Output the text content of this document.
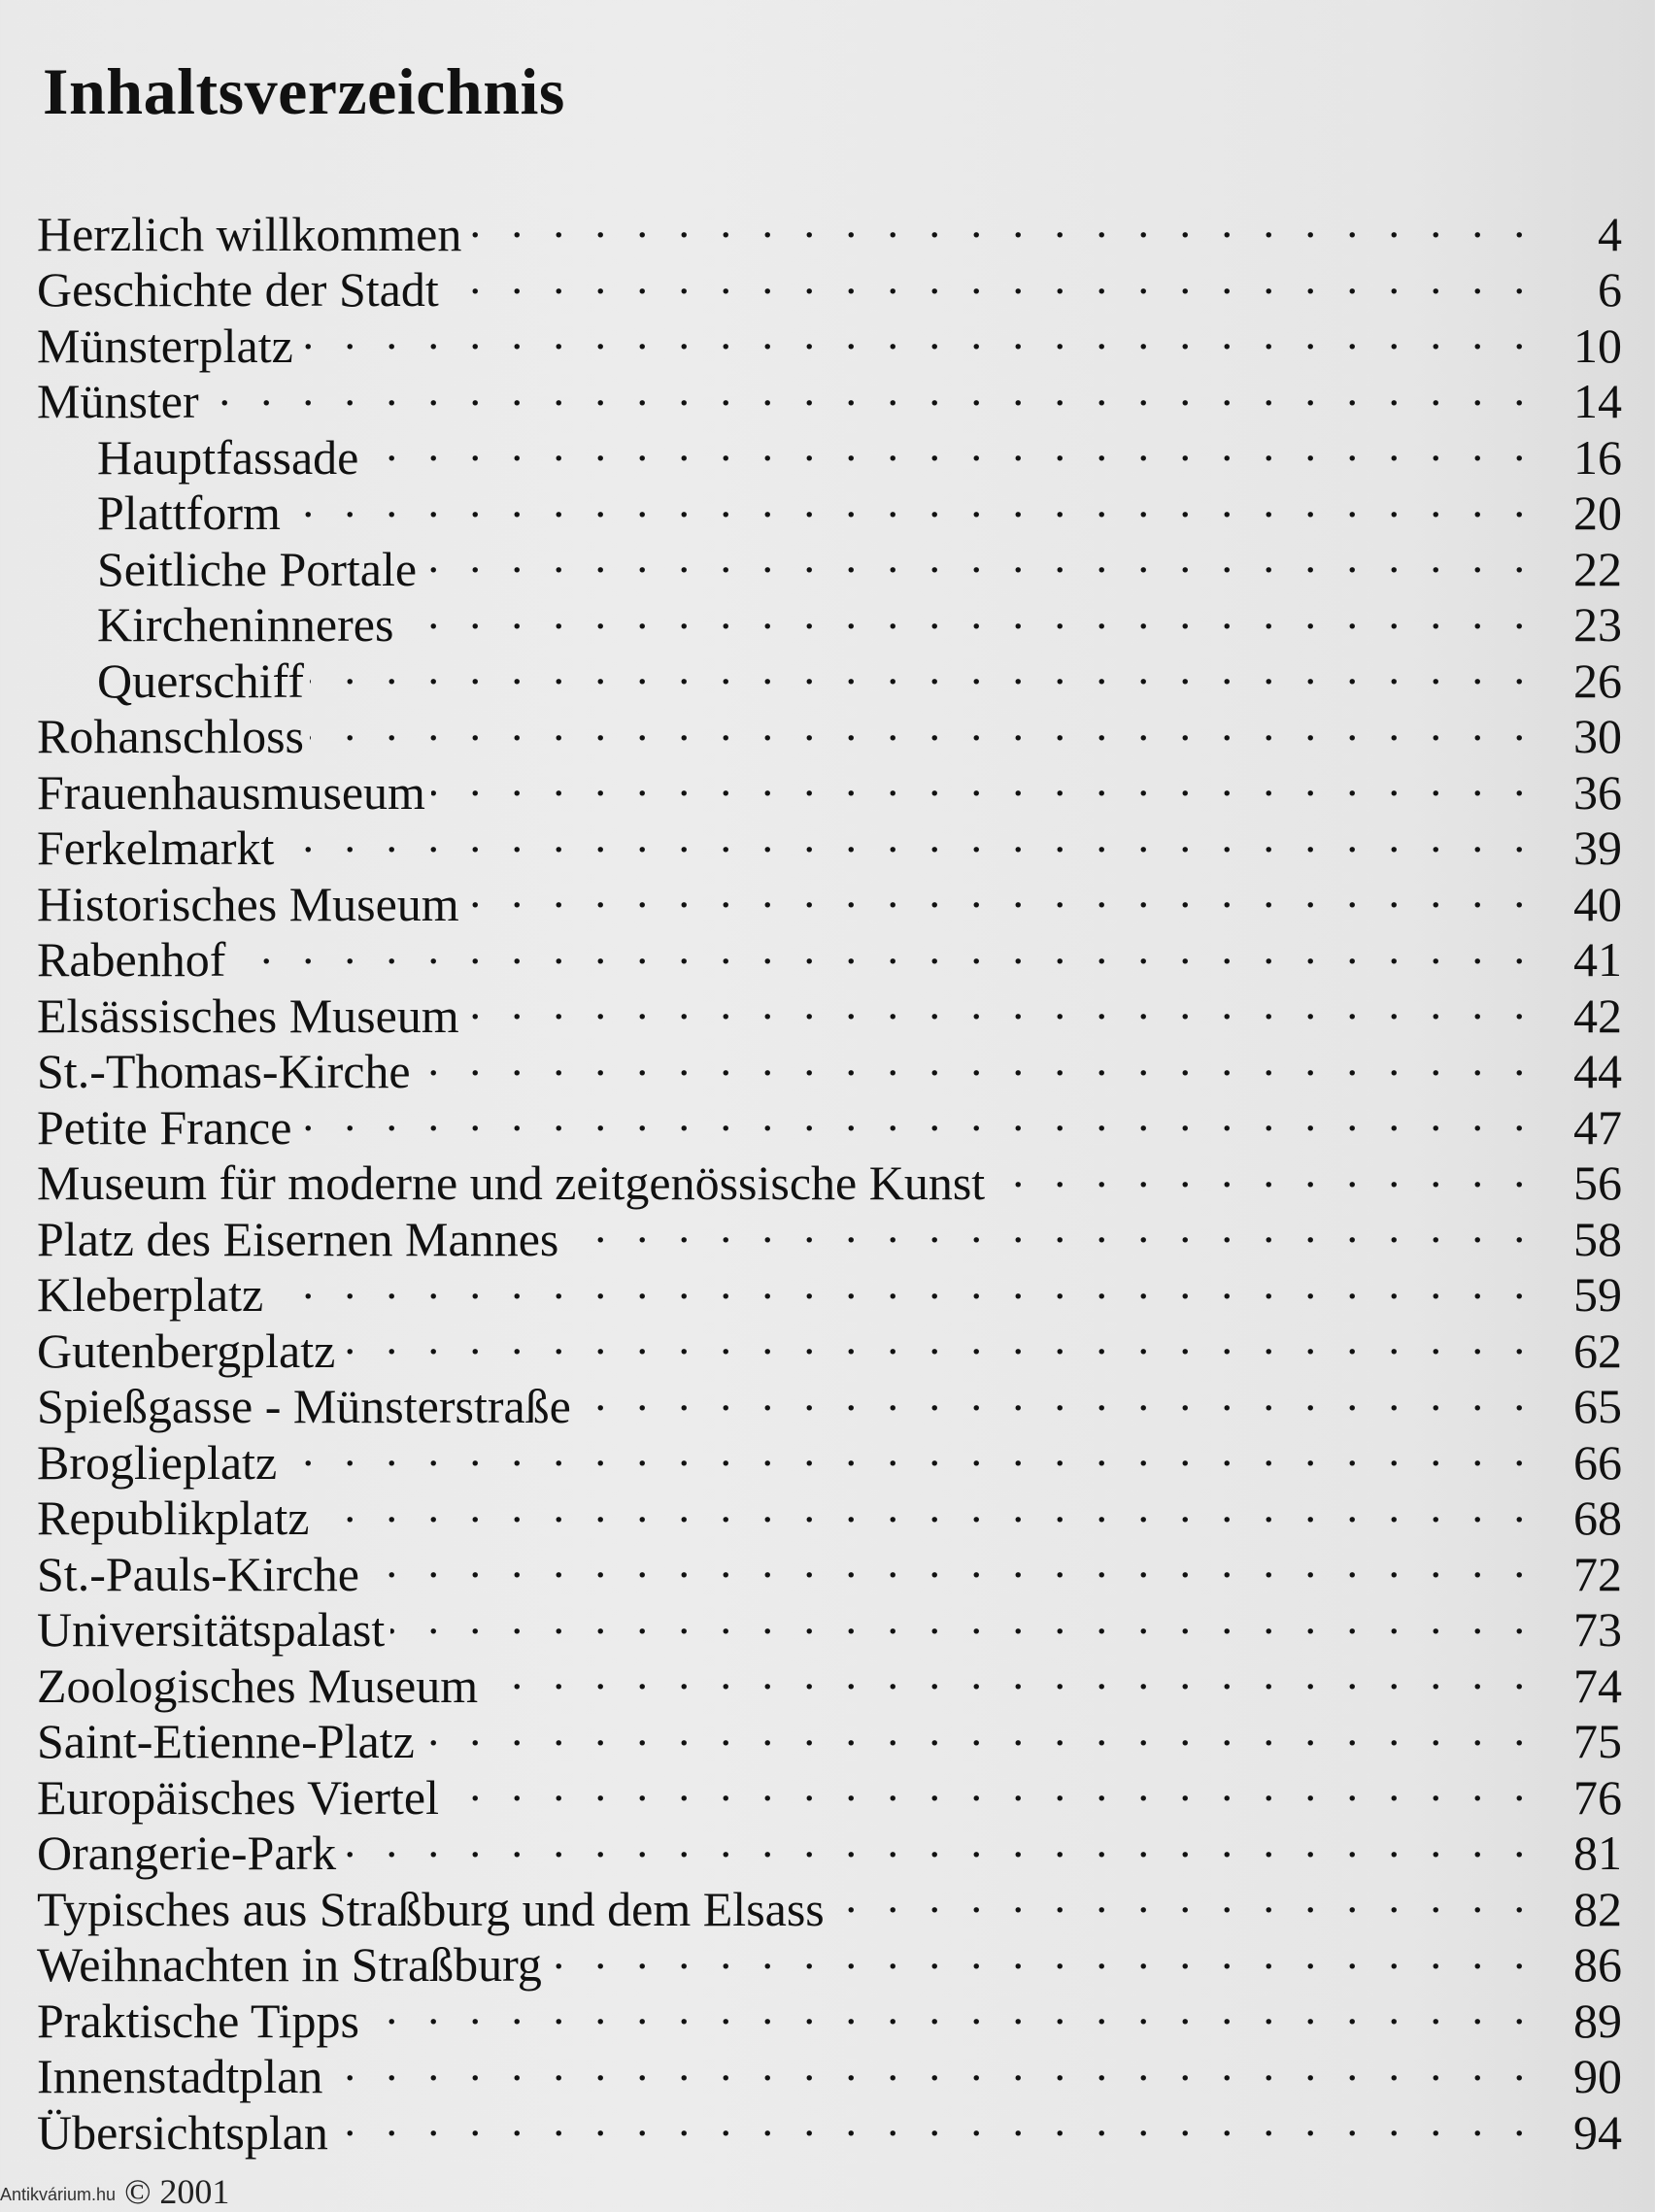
Inhaltsverzeichnis
Herzlich willkommen . . .	4
Geschichte der Stadt . . .	6
Münsterplatz . . .	10
Münster . . .	14
Hauptfassade . . .	16
Plattform . . .	20
Seitliche Portale . . .	22
Kircheninneres . . .	23
Querschiff . . .	26
Rohanschloss . . .	30
Frauenhausmuseum . . .	36
Ferkelmarkt . . .	39
Historisches Museum . . .	40
Rabenhof . . .	41
Elsässisches Museum . . .	42
St.-Thomas-Kirche . . .	44
Petite France . . .	47
Museum für moderne und zeitgenössische Kunst . . .	56
Platz des Eisernen Mannes . . .	58
Kleberplatz . . .	59
Gutenbergplatz . . .	62
Spießgasse - Münsterstraße . . .	65
Broglieplatz . . .	66
Republikplatz . . .	68
St.-Pauls-Kirche . . .	72
Universitätspalast . . .	73
Zoologisches Museum . . .	74
Saint-Etienne-Platz . . .	75
Europäisches Viertel . . .	76
Orangerie-Park . . .	81
Typisches aus Straßburg und dem Elsass . . .	82
Weihnachten in Straßburg . . .	86
Praktische Tipps . . .	89
Innenstadtplan . . .	90
Übersichtsplan . . .	94
Antikvárium.hu © 2001
